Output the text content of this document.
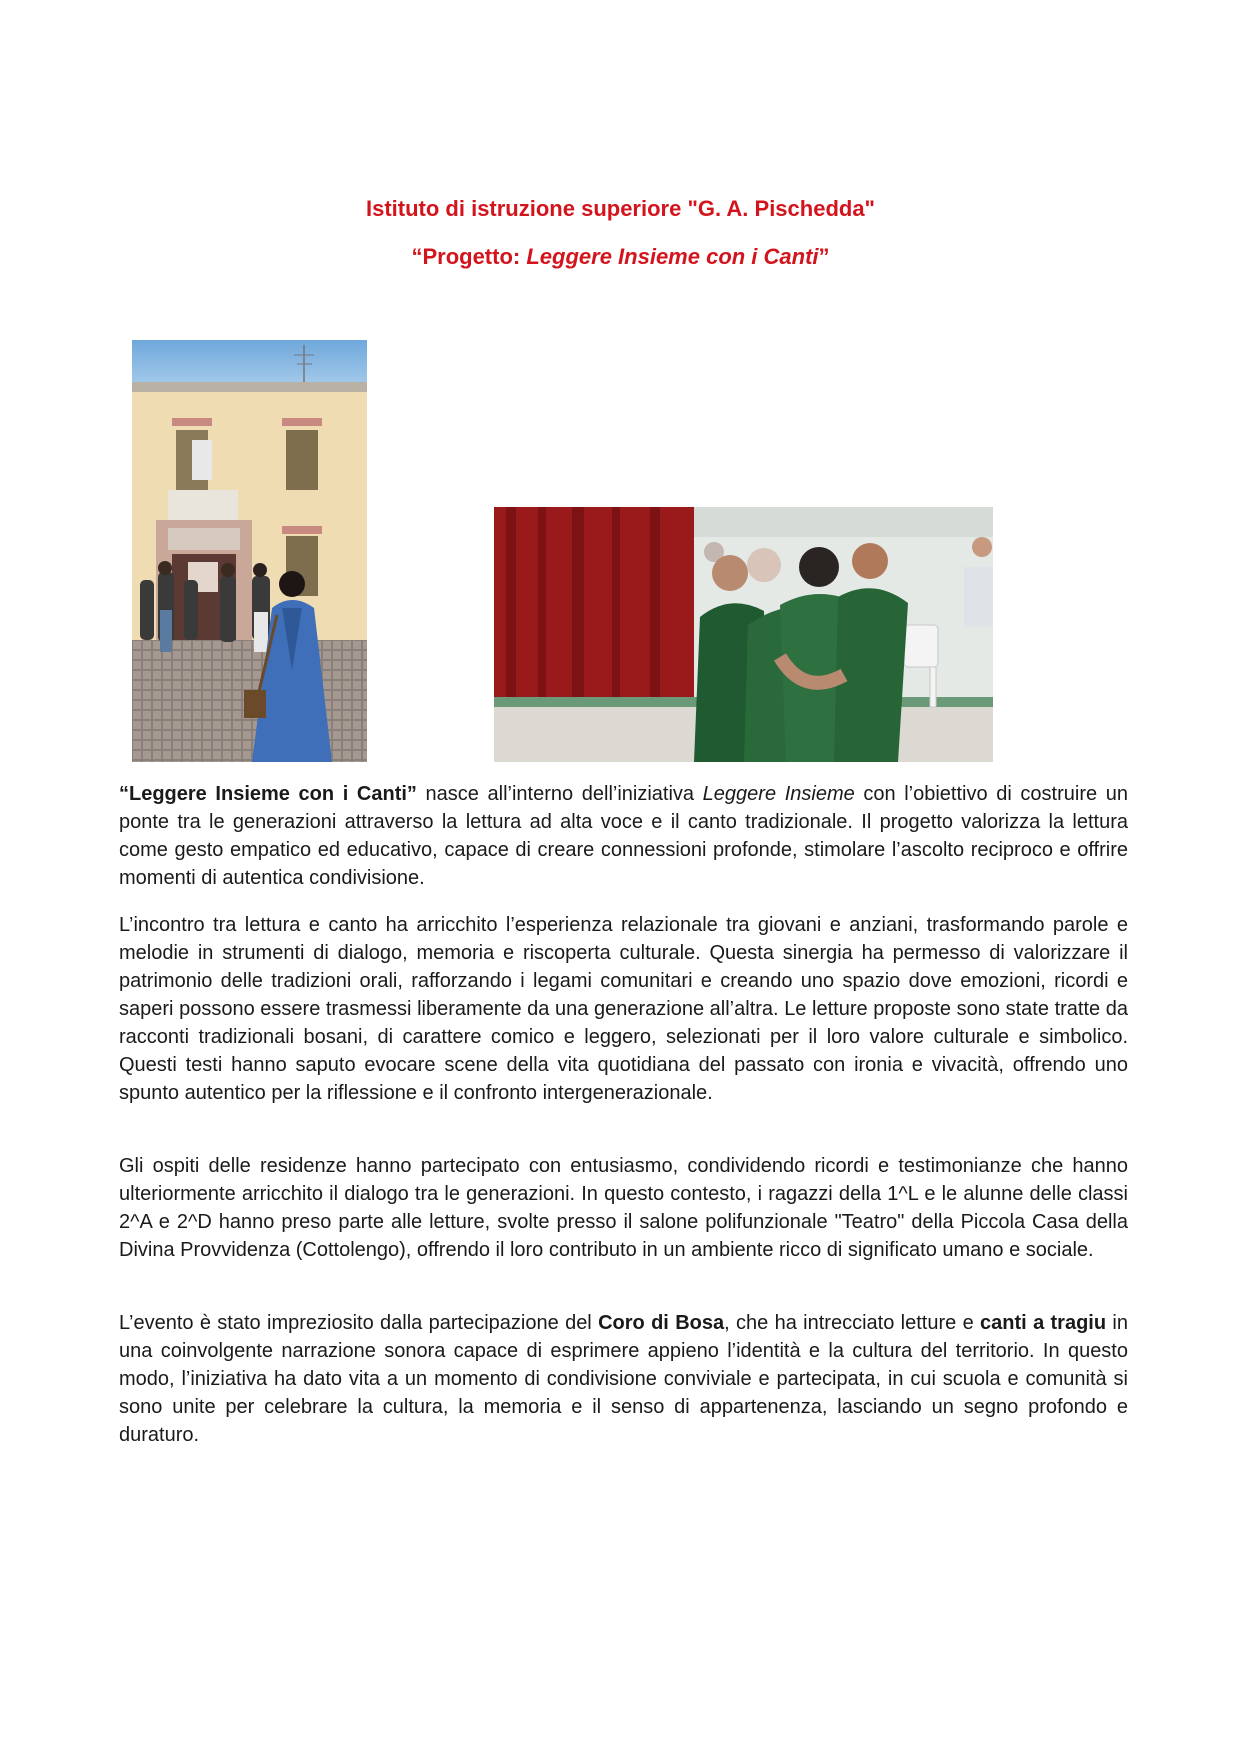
Istituto di istruzione superiore "G. A. Pischedda"
“Progetto: Leggere Insieme con i Canti”

“Leggere Insieme con i Canti” nasce all’interno dell’iniziativa Leggere Insieme con l’obiettivo di costruire un ponte tra le generazioni attraverso la lettura ad alta voce e il canto tradizionale. Il progetto valorizza la lettura come gesto empatico ed educativo, capace di creare connessioni profonde, stimolare l’ascolto reciproco e offrire momenti di autentica condivisione.

L’incontro tra lettura e canto ha arricchito l’esperienza relazionale tra giovani e anziani, trasformando parole e melodie in strumenti di dialogo, memoria e riscoperta culturale. Questa sinergia ha permesso di valorizzare il patrimonio delle tradizioni orali, rafforzando i legami comunitari e creando uno spazio dove emozioni, ricordi e saperi possono essere trasmessi liberamente da una generazione all’altra. Le letture proposte sono state tratte da racconti tradizionali bosani, di carattere comico e leggero, selezionati per il loro valore culturale e simbolico. Questi testi hanno saputo evocare scene della vita quotidiana del passato con ironia e vivacità, offrendo uno spunto autentico per la riflessione e il confronto intergenerazionale.

Gli ospiti delle residenze hanno partecipato con entusiasmo, condividendo ricordi e testimonianze che hanno ulteriormente arricchito il dialogo tra le generazioni. In questo contesto, i ragazzi della 1^L e le alunne delle classi 2^A e 2^D hanno preso parte alle letture, svolte presso il salone polifunzionale "Teatro" della Piccola Casa della Divina Provvidenza (Cottolengo), offrendo il loro contributo in un ambiente ricco di significato umano e sociale.

L’evento è stato impreziosito dalla partecipazione del Coro di Bosa, che ha intrecciato letture e canti a tragiu in una coinvolgente narrazione sonora capace di esprimere appieno l’identità e la cultura del territorio. In questo modo, l’iniziativa ha dato vita a un momento di condivisione conviviale e partecipata, in cui scuola e comunità si sono unite per celebrare la cultura, la memoria e il senso di appartenenza, lasciando un segno profondo e duraturo.
